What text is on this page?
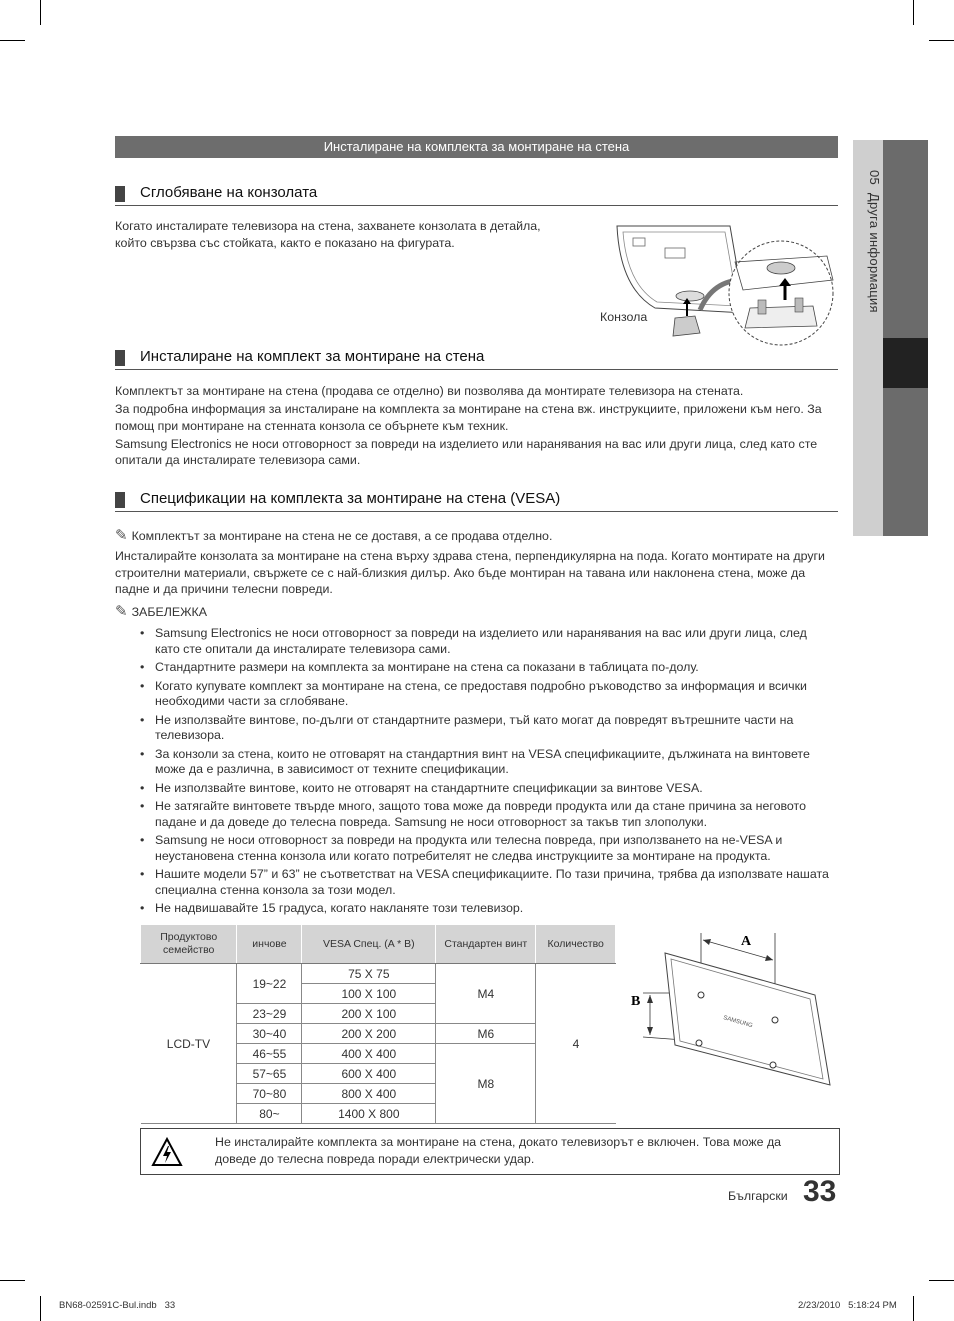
05  Друга информация
Инсталиране на комплекта за монтиране на стена
Сглобяване на конзолата

Когато инсталирате телевизора на стена, захванете конзолата в детайла, който свързва със стойката, както е показано на фигурата.

Конзола
Инсталиране на комплект за монтиране на стена

Комплектът за монтиране на стена (продава се отделно) ви позволява да монтирате телевизора на стената.

За подробна информация за инсталиране на комплекта за монтиране на стена вж. инструкциите, приложени към него. За помощ при монтиране на стенната конзола се обърнете към техник.

Samsung Electronics не носи отговорност за повреди на изделието или наранявания на вас или други лица, след като сте опитали да инсталирате телевизора сами.

Спецификации на комплекта за монтиране на стена (VESA)
✎ Комплектът за монтиране на стена не се доставя, а се продава отделно.

Инсталирайте конзолата за монтиране на стена върху здрава стена, перпендикулярна на пода. Когато монтирате на други строителни материали, свържете се с най-близкия дилър. Ако бъде монтиран на тавана или наклонена стена, може да падне и да причини телесни повреди.

✎ ЗАБЕЛЕЖКА
• Samsung Electronics не носи отговорност за повреди на изделието или наранявания на вас или други лица, след като сте опитали да инсталирате телевизора сами.
• Стандартните размери на комплекта за монтиране на стена са показани в таблицата по-долу.
• Когато купувате комплект за монтиране на стена, се предоставя подробно ръководство за информация и всички необходими части за сглобяване.
• Не използвайте винтове, по-дълги от стандартните размери, тъй като могат да повредят вътрешните части на телевизора.
• За конзоли за стена, които не отговарят на стандартния винт на VESA спецификациите, дължината на винтовете може да е различна, в зависимост от техните спецификации.
• Не използвайте винтове, които не отговарят на стандартните спецификации за винтове VESA.
• Не затягайте винтовете твърде много, защото това може да повреди продукта или да стане причина за неговото падане и да доведе до телесна повреда. Samsung не носи отговорност за такъв тип злополуки.
• Samsung не носи отговорност за повреди на продукта или телесна повреда, при използването на не-VESA и неустановена стенна конзола или когато потребителят не следва инструкциите за монтиране на продукта.
• Нашите модели 57” и 63” не съответстват на VESA спецификациите. По тази причина, трябва да използвате нашата специална стенна конзола за този модел.
• Не надвишавайте 15 градуса, когато накланяте този телевизор.
Продуктово семейство	инчове	VESA Спец. (A * B)	Стандартен винт	Количество
LCD-TV	19~22	75 X 75	M4	4
		100 X 100		
	23~29	200 X 100		
	30~40	200 X 200	M6	
	46~55	400 X 400	M8	
	57~65	600 X 400		
	70~80	800 X 400		
	80~	1400 X 800		
A
B
SAMSUNG
Не инсталирайте комплекта за монтиране на стена, докато телевизорът е включен. Това може да доведе до телесна повреда поради електрически удар.
Български 33
BN68-02591C-Bul.indb   33	2/23/2010   5:18:24 PM
